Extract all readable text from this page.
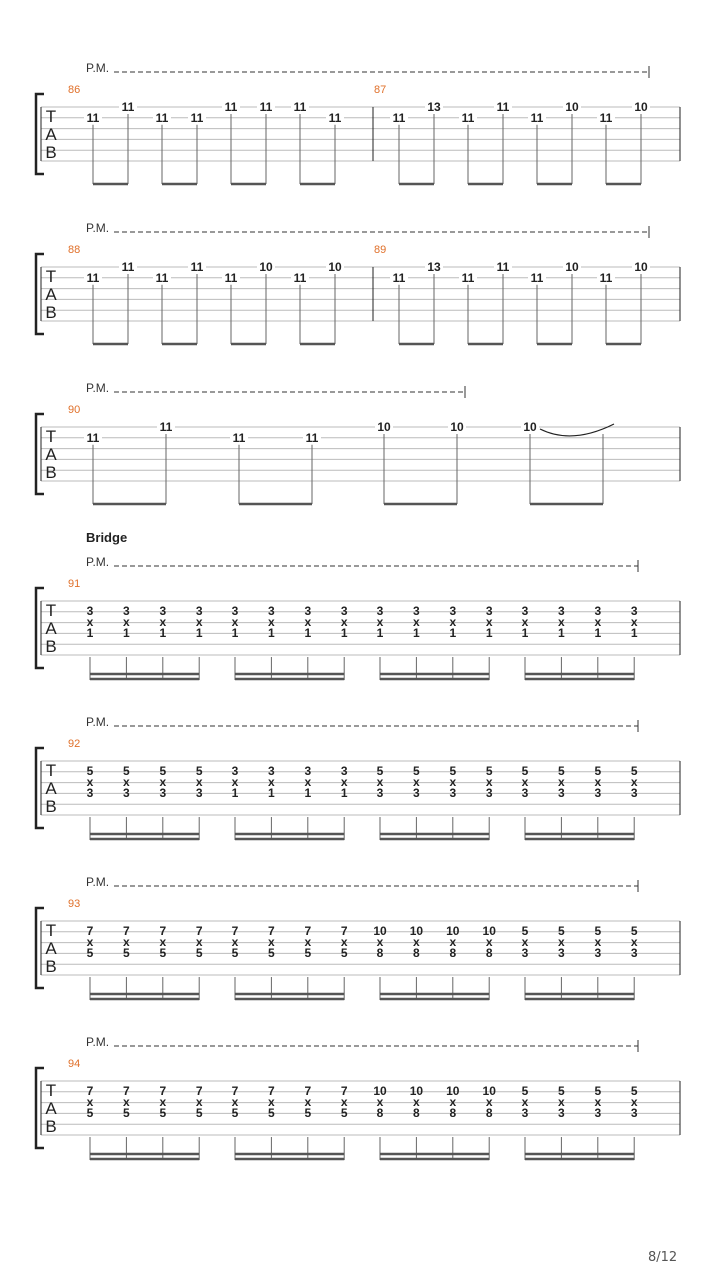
P.M.
T
A
B
86	87
11
11
11 11
11 11 11
11	11
13
11
11
11
10
11
10
P.M.
T
A
B
88	89
11
11
11
11
11
10
11
10
11
13
11
11
11
10
11
10
P.M.
T
A
B
90
11
11
11	11
10	10	10
Bridge
P.M.
T
A
B
91
3
x
1
3
x
1
3
x
1
3
x
1
3
x
1
3
x
1
3
x
1
3
x
1
3
x
1
3
x
1
3
x
1
3
x
1
3
x
1
3
x
1
3
x
1
3
x
1
P.M.
T
A
B
92
5
x
3
5
x
3
5
x
3
5
x
3
3
x
1
3
x
1
3
x
1
3
x
1
5
x
3
5
x
3
5
x
3
5
x
3
5
x
3
5
x
3
5
x
3
5
x
3
P.M.
T
A
B
93
7
x
5
7
x
5
7
x
5
7
x
5
7
x
5
7
x
5
7
x
5
7
x
5
10
x
8
10
x
8
10
x
8
10
x
8
5
x
3
5
x
3
5
x
3
5
x
3
P.M.
T
A
B
94
7
x
5
7
x
5
7
x
5
7
x
5
7
x
5
7
x
5
7
x
5
7
x
5
10
x
8
10
x
8
10
x
8
10
x
8
5
x
3
5
x
3
5
x
3
5
x
3
8/12
